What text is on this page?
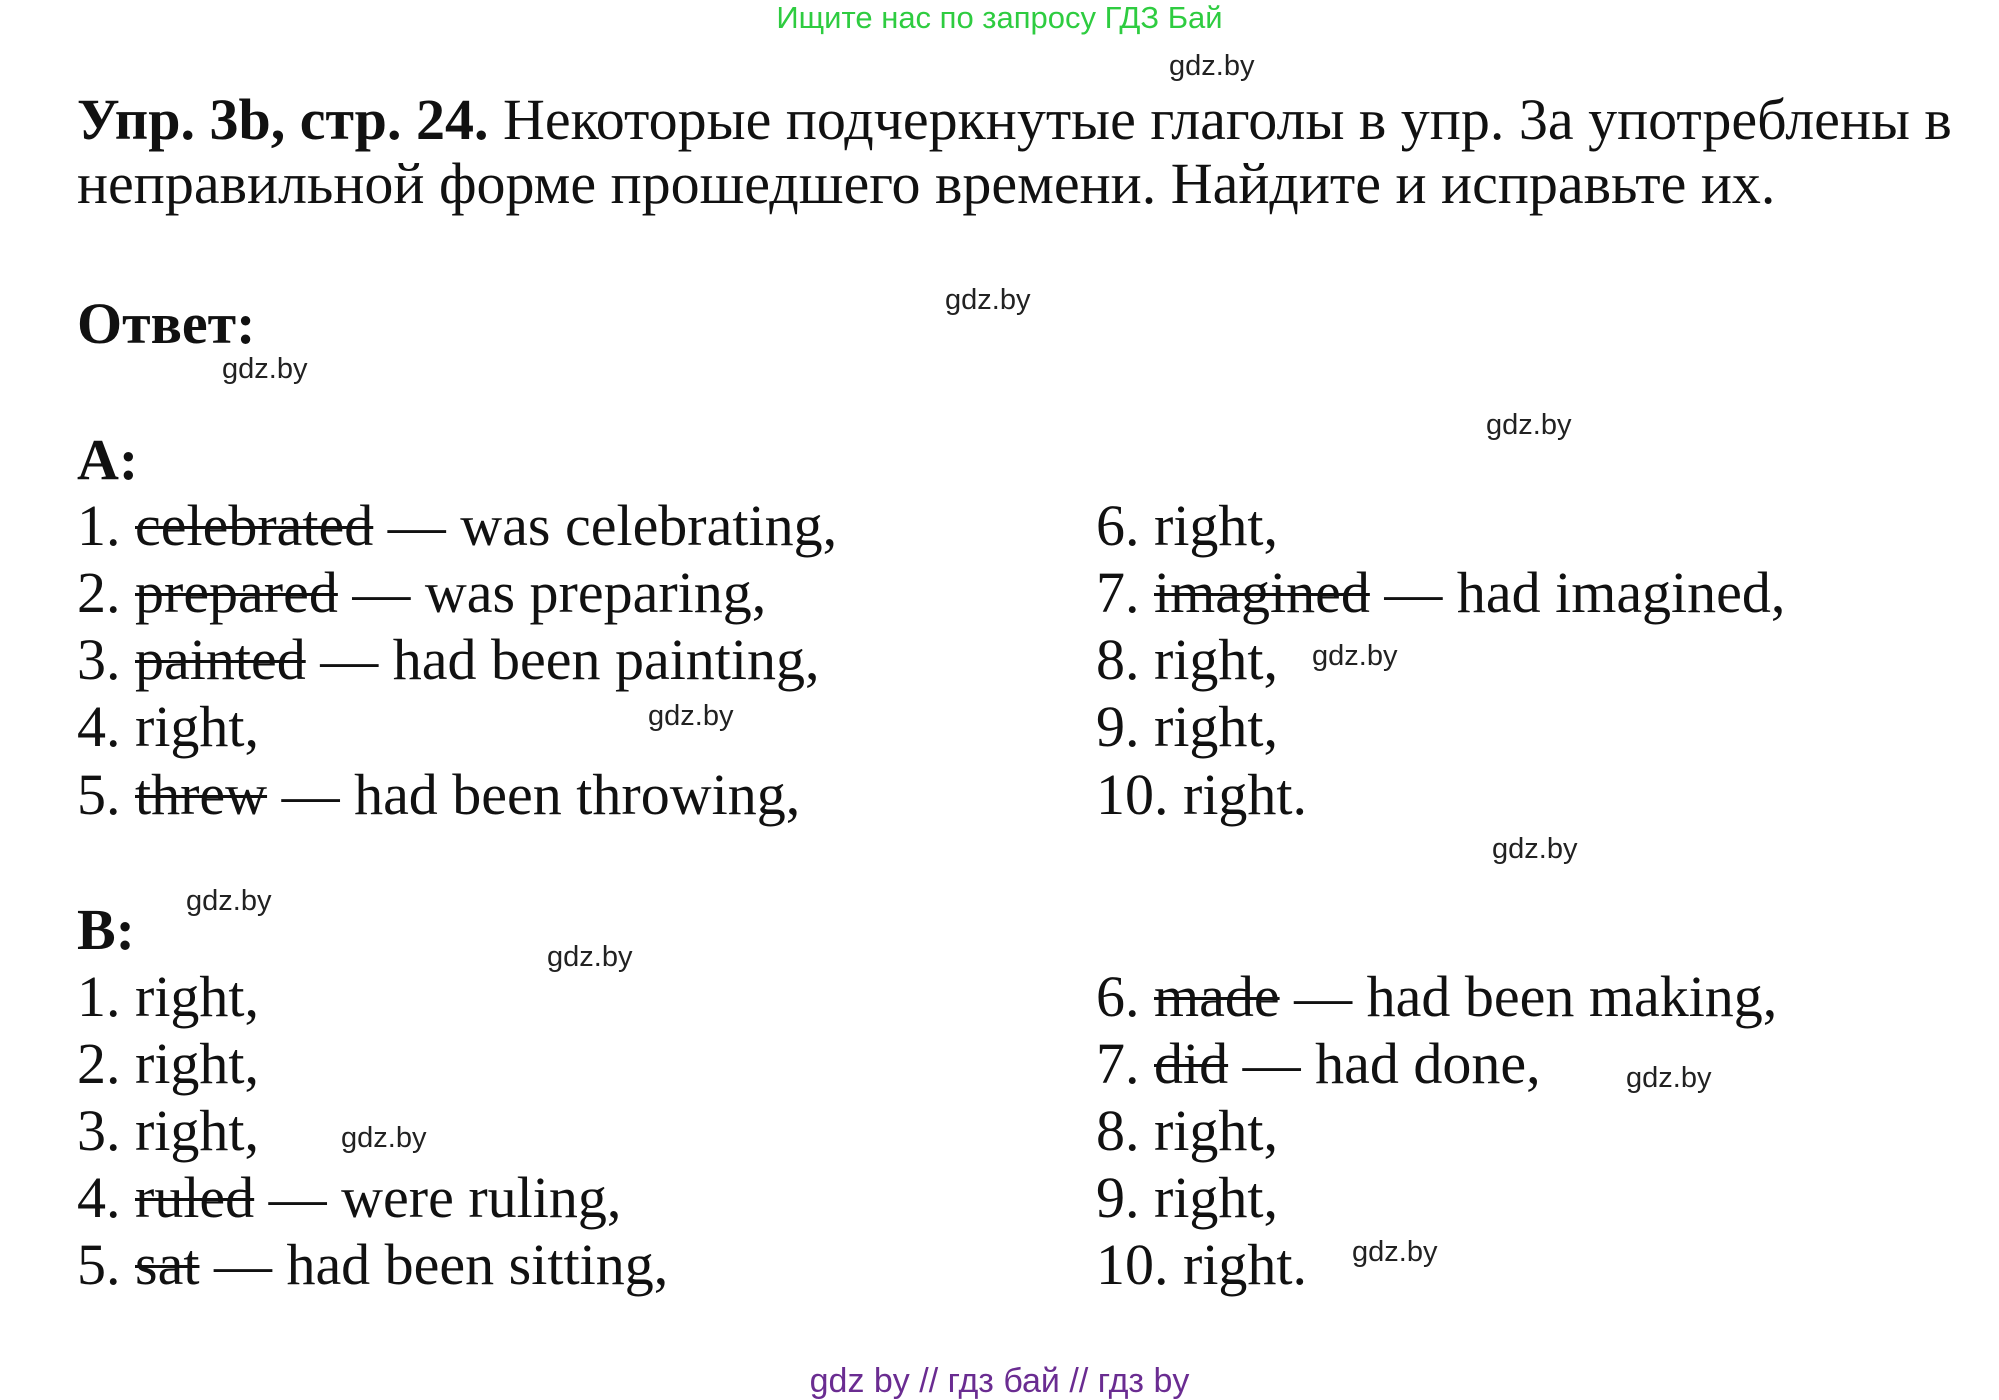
Ищите нас по запросу ГДЗ Бай
gdz.by
Упр. 3b, стр. 24. Некоторые подчеркнутые глаголы в упр. 3a употреблены в неправильной форме прошедшего времени. Найдите и исправьте их.
Ответ:	gdz.by
gdz.by
gdz.by
A:
1. celebrated — was celebrating,
2. prepared — was preparing,
3. painted — had been painting,
4. right,
5. threw — had been throwing,
6. right,
7. imagined — had imagined,
8. right,
9. right,
10. right.
gdz.by
gdz.by
gdz.by
gdz.by
B:	gdz.by
1. right,
2. right,
3. right,
4. ruled — were ruling,
5. sat — had been sitting,
6. made — had been making,
7. did — had done,
8. right,
9. right,
10. right.
gdz.by
gdz.by
gdz.by
gdz by // гдз бай // гдз by
